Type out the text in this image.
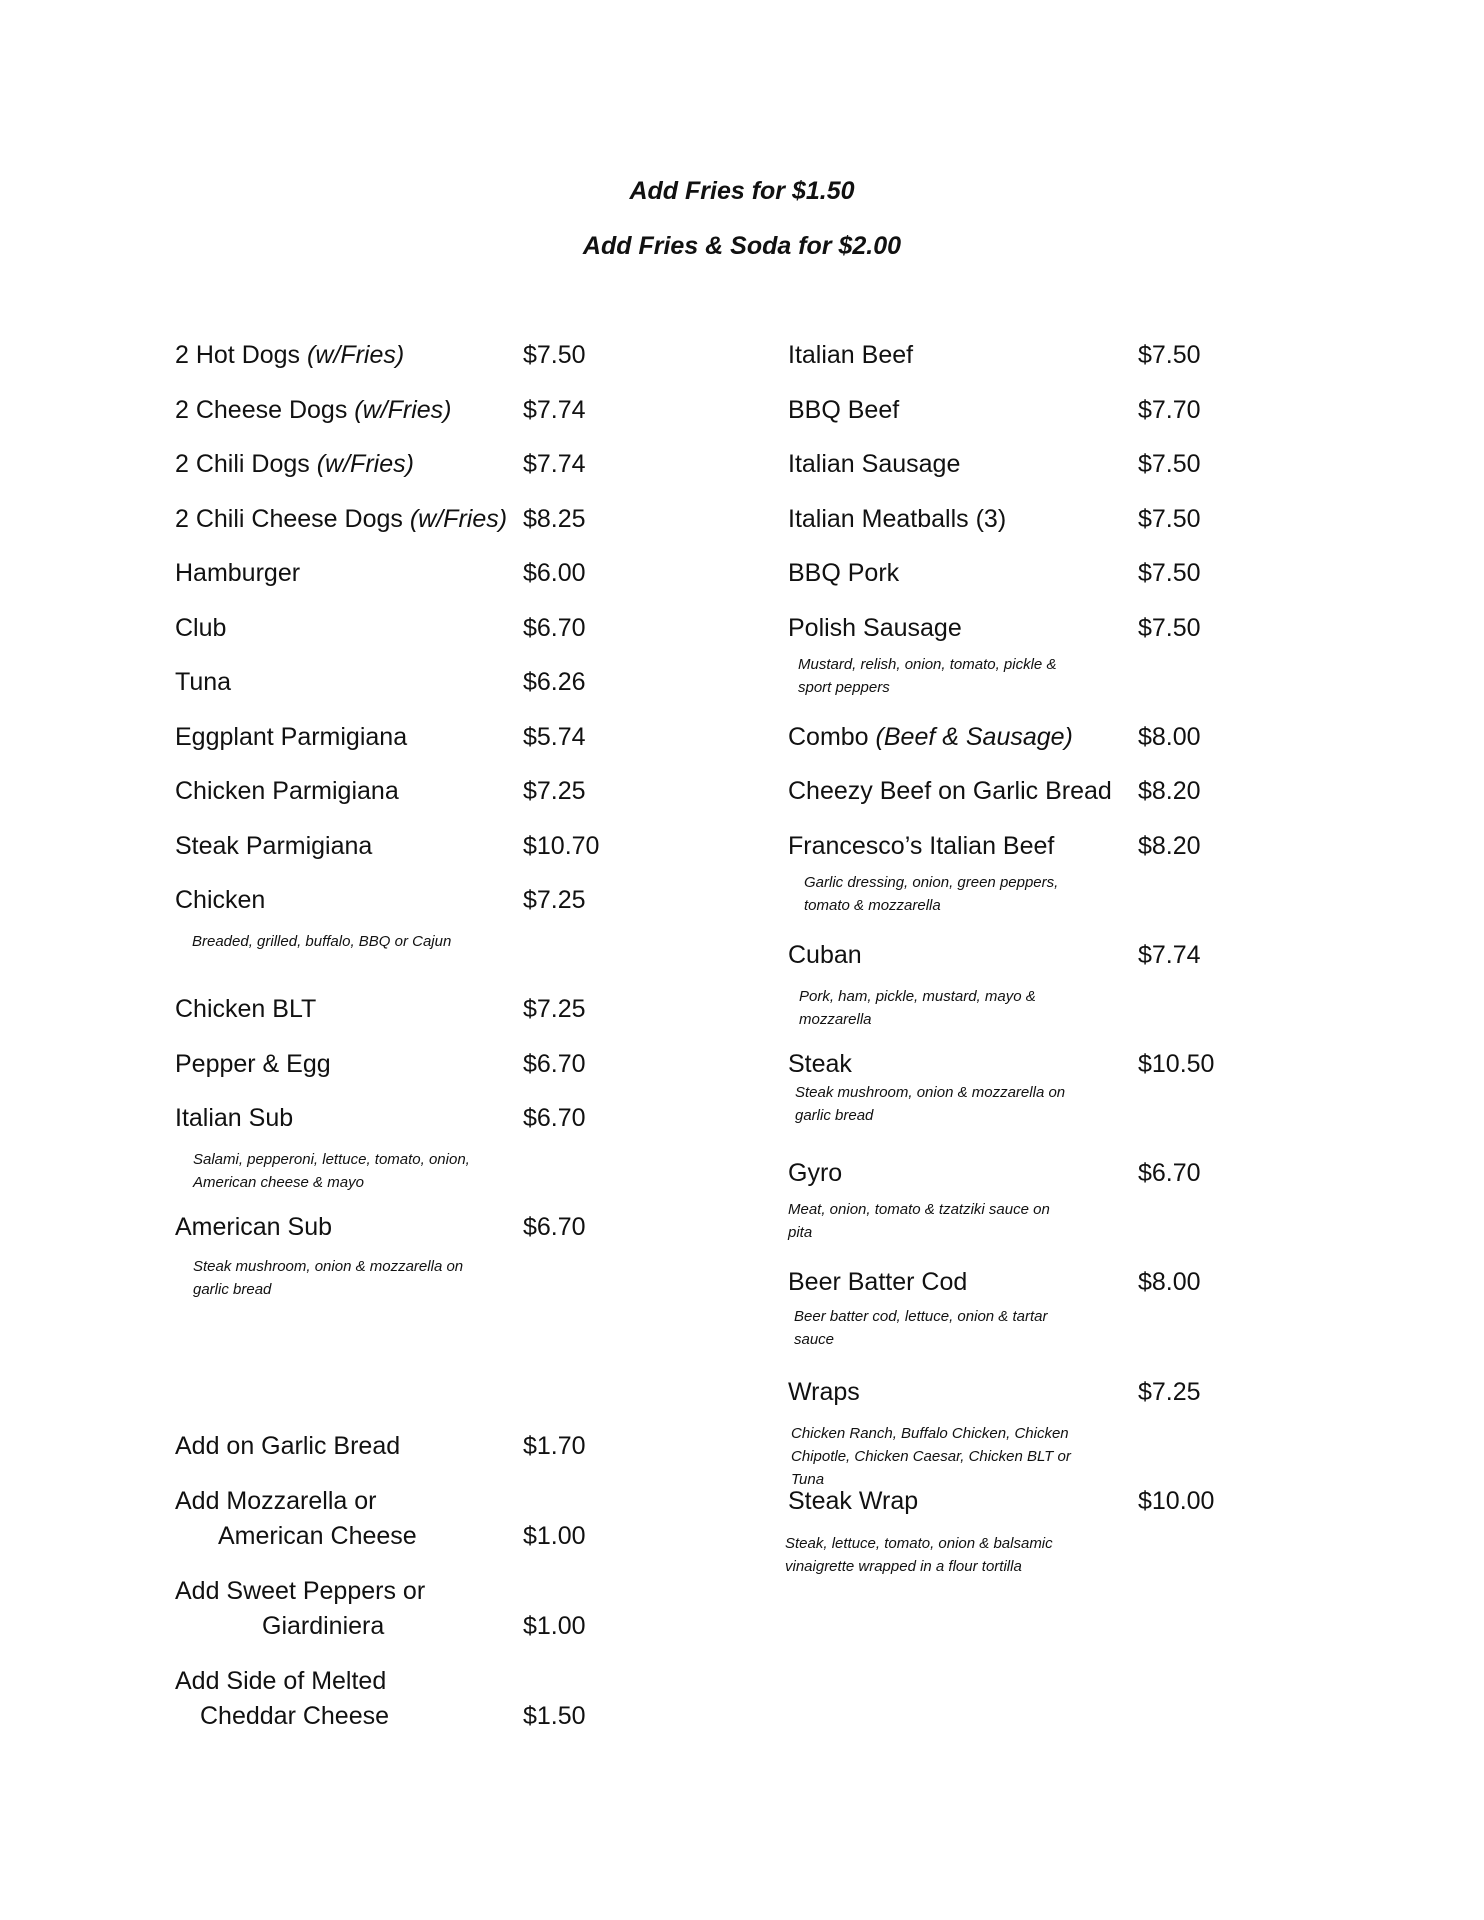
Add Fries for $1.50
Add Fries & Soda for $2.00
2 Hot Dogs (w/Fries)	$7.50
2 Cheese Dogs (w/Fries)	$7.74
2 Chili Dogs (w/Fries)	$7.74
2 Chili Cheese Dogs (w/Fries) $8.25
Hamburger	$6.00
Club	$6.70
Tuna	$6.26
Eggplant Parmigiana	$5.74
Chicken Parmigiana	$7.25
Steak Parmigiana	$10.70
Chicken	$7.25
Breaded, grilled, buffalo, BBQ or Cajun
Chicken BLT	$7.25
Pepper & Egg	$6.70
Italian Sub	$6.70
Salami, pepperoni, lettuce, tomato, onion,
American cheese & mayo
American Sub	$6.70
Steak mushroom, onion & mozzarella on
garlic bread
Add on Garlic Bread	$1.70
Add Mozzarella or
American Cheese	$1.00
Add Sweet Peppers or
Giardiniera	$1.00
Add Side of Melted
Cheddar Cheese	$1.50
Italian Beef	$7.50
BBQ Beef	$7.70
Italian Sausage	$7.50
Italian Meatballs (3)	$7.50
BBQ Pork	$7.50
Polish Sausage	$7.50
Mustard, relish, onion, tomato, pickle &
sport peppers
Combo (Beef & Sausage)	$8.00
Cheezy Beef on Garlic Bread $8.20
Francesco’s Italian Beef	$8.20
Garlic dressing, onion, green peppers,
tomato & mozzarella
Cuban	$7.74
Pork, ham, pickle, mustard, mayo &
mozzarella
Steak	$10.50
Steak mushroom, onion & mozzarella on
garlic bread
Gyro	$6.70
Meat, onion, tomato & tzatziki sauce on
pita
Beer Batter Cod	$8.00
Beer batter cod, lettuce, onion & tartar
sauce
Wraps	$7.25
Chicken Ranch, Buffalo Chicken, Chicken
Chipotle, Chicken Caesar, Chicken BLT or
Tuna
Steak Wrap	$10.00
Steak, lettuce, tomato, onion & balsamic
vinaigrette wrapped in a flour tortilla
